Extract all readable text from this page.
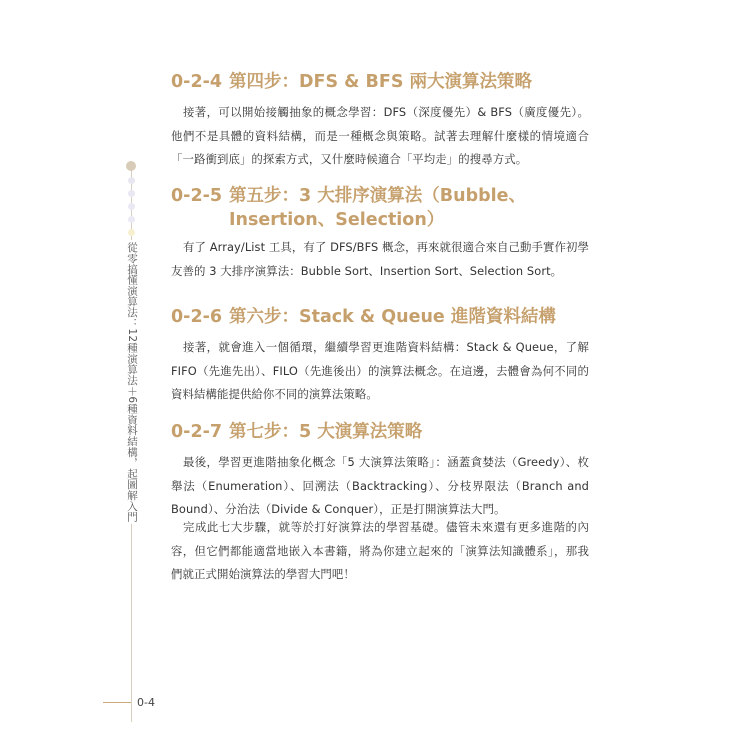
從零搞懂演算法：12種演算法＋6種資料結構，起圖解入門
0-2-4 第四步：DFS & BFS 兩大演算法策略

接著，可以開始接觸抽象的概念學習：DFS（深度優先）& BFS（廣度優先）。他們不是具體的資料結構，而是一種概念與策略。試著去理解什麼樣的情境適合「一路衝到底」的探索方式，又什麼時候適合「平均走」的搜尋方式。

0-2-5 第五步：3 大排序演算法（Bubble、Insertion、Selection）

有了 Array/List 工具，有了 DFS/BFS 概念，再來就很適合來自己動手實作初學友善的 3 大排序演算法：Bubble Sort、Insertion Sort、Selection Sort。

0-2-6 第六步：Stack & Queue 進階資料結構

接著，就會進入一個循環，繼續學習更進階資料結構：Stack & Queue，了解 FIFO（先進先出）、FILO（先進後出）的演算法概念。在這邊，去體會為何不同的資料結構能提供給你不同的演算法策略。

0-2-7 第七步：5 大演算法策略

最後，學習更進階抽象化概念「5 大演算法策略」：涵蓋貪婪法（Greedy）、枚舉法（Enumeration）、回溯法（Backtracking）、分枝界限法（Branch and Bound）、分治法（Divide & Conquer），正是打開演算法大門。

完成此七大步驟，就等於打好演算法的學習基礎。儘管未來還有更多進階的內容，但它們都能適當地嵌入本書籍，將為你建立起來的「演算法知識體系」，那我們就正式開始演算法的學習大門吧！

0-4
